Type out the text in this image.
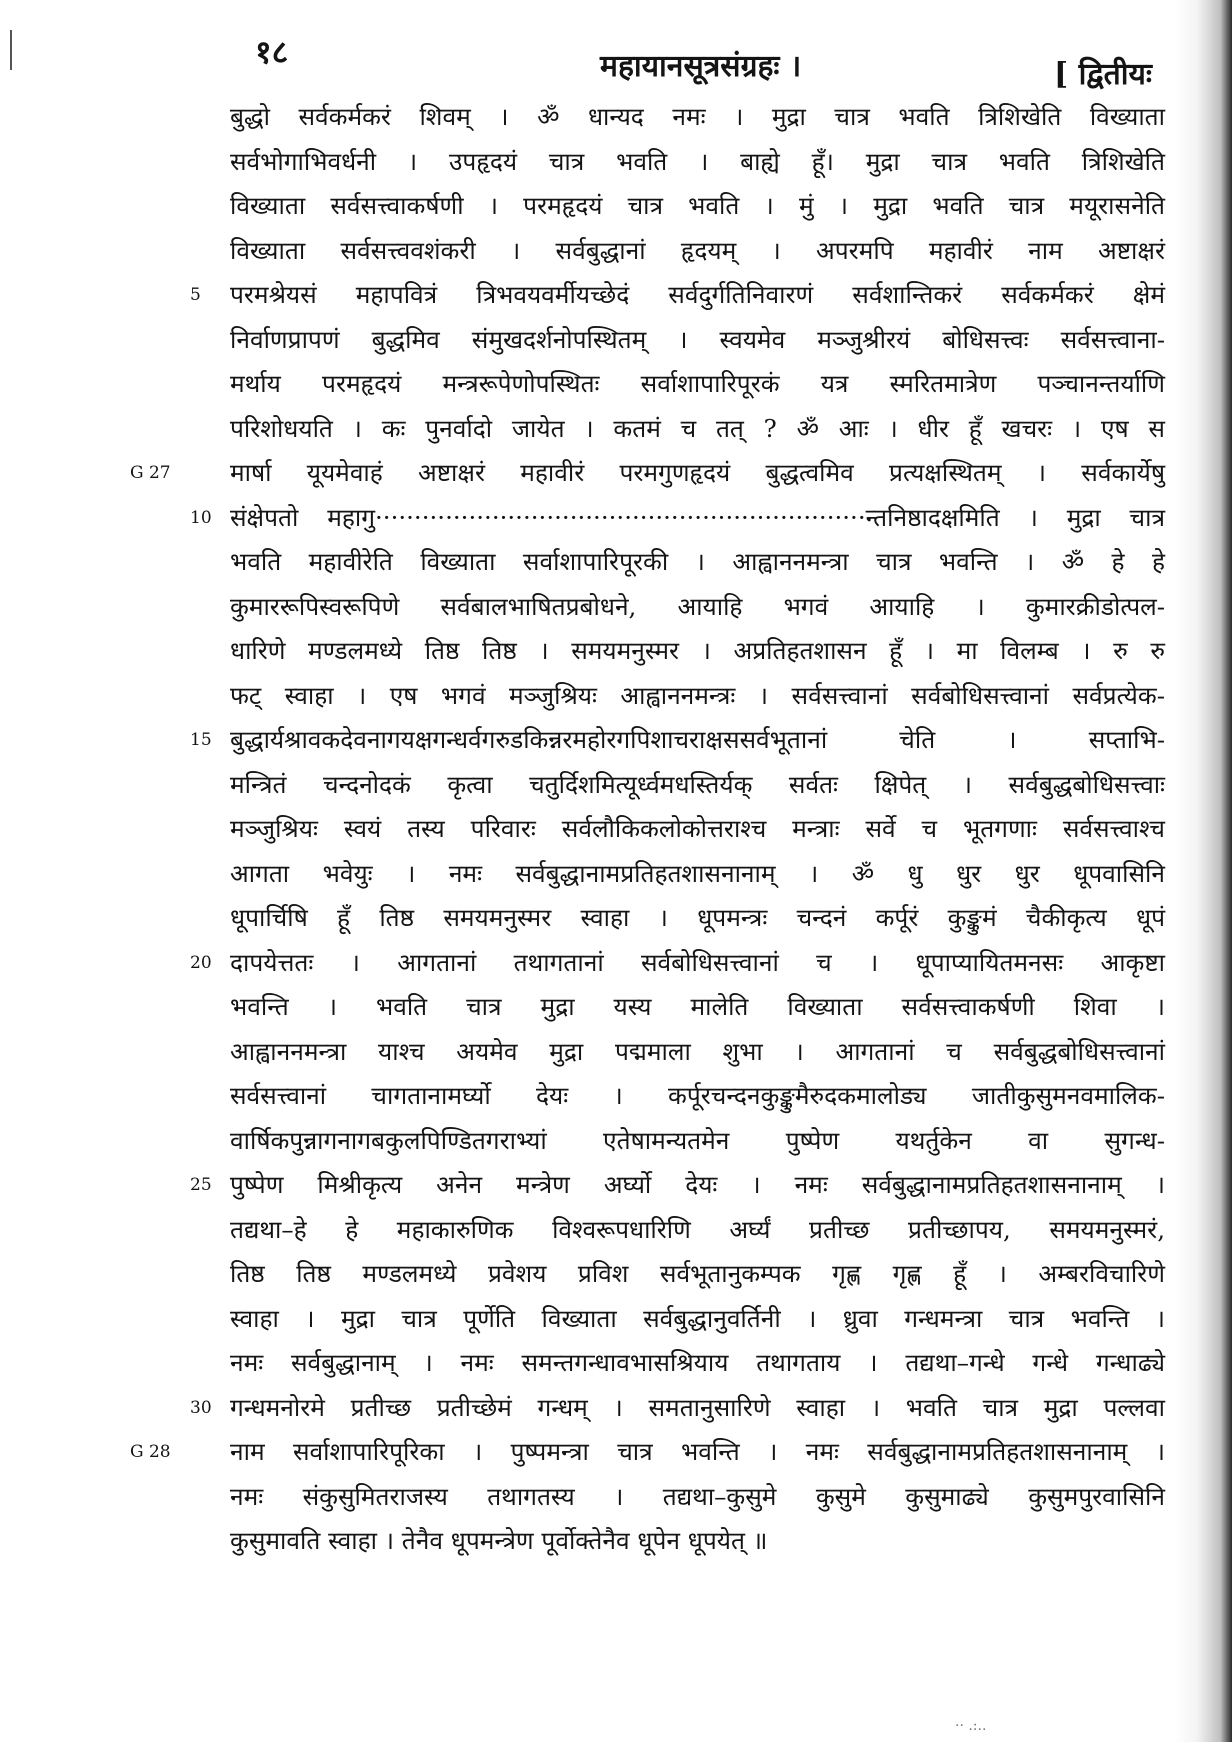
१८	महायानसूत्रसंग्रहः ।	[ द्वितीयः
बुद्धो सर्वकर्मकरं शिवम् । ॐ धान्यद नमः । मुद्रा चात्र भवति त्रिशिखेति विख्याता
सर्वभोगाभिवर्धनी । उपहृदयं चात्र भवति । बाह्ये हूँ। मुद्रा चात्र भवति त्रिशिखेति
विख्याता सर्वसत्त्वाकर्षणी । परमहृदयं चात्र भवति । मुं । मुद्रा भवति चात्र मयूरासनेति
विख्याता सर्वसत्त्ववशंकरी । सर्वबुद्धानां हृदयम् । अपरमपि महावीरं नाम अष्टाक्षरं
5	परमश्रेयसं महापवित्रं त्रिभवयवर्मीयच्छेदं सर्वदुर्गतिनिवारणं सर्वशान्तिकरं सर्वकर्मकरं क्षेमं
निर्वाणप्रापणं बुद्धमिव संमुखदर्शनोपस्थितम् । स्वयमेव मञ्जुश्रीरयं बोधिसत्त्वः सर्वसत्त्वाना-
मर्थाय परमहृदयं मन्त्ररूपेणोपस्थितः सर्वाशापारिपूरकं यत्र स्मरितमात्रेण पञ्चानन्तर्याणि
परिशोधयति । कः पुनर्वादो जायेत । कतमं च तत् ? ॐ आः । धीर हूँ खचरः । एष स
G 27 मार्षा यूयमेवाहं अष्टाक्षरं महावीरं परमगुणहृदयं बुद्धत्वमिव प्रत्यक्षस्थितम् । सर्वकार्येषु
10 संक्षेपतो महागु·······························································न्तनिष्ठादक्षमिति । मुद्रा चात्र
भवति महावीरेति विख्याता सर्वाशापारिपूरकी । आह्वाननमन्त्रा चात्र भवन्ति । ॐ हे हे
कुमाररूपिस्वरूपिणे सर्वबालभाषितप्रबोधने, आयाहि भगवं आयाहि । कुमारक्रीडोत्पल-
धारिणे मण्डलमध्ये तिष्ठ तिष्ठ । समयमनुस्मर । अप्रतिहतशासन हूँ । मा विलम्ब । रु रु
फट् स्वाहा । एष भगवं मञ्जुश्रियः आह्वाननमन्त्रः । सर्वसत्त्वानां सर्वबोधिसत्त्वानां सर्वप्रत्येक-
15 बुद्धार्यश्रावकदेवनागयक्षगन्धर्वगरुडकिन्नरमहोरगपिशाचराक्षससर्वभूतानां चेति । सप्ताभि-
मन्त्रितं चन्दनोदकं कृत्वा चतुर्दिशमित्यूर्ध्वमधस्तिर्यक् सर्वतः क्षिपेत् । सर्वबुद्धबोधिसत्त्वाः
मञ्जुश्रियः स्वयं तस्य परिवारः सर्वलौकिकलोकोत्तराश्च मन्त्राः सर्वे च भूतगणाः सर्वसत्त्वाश्च
आगता भवेयुः । नमः सर्वबुद्धानामप्रतिहतशासनानाम् । ॐ धु धुर धुर धूपवासिनि
धूपार्चिषि हूँ तिष्ठ समयमनुस्मर स्वाहा । धूपमन्त्रः चन्दनं कर्पूरं कुङ्कुमं चैकीकृत्य धूपं
20 दापयेत्ततः । आगतानां तथागतानां सर्वबोधिसत्त्वानां च । धूपाप्यायितमनसः आकृष्टा
भवन्ति । भवति चात्र मुद्रा यस्य मालेति विख्याता सर्वसत्त्वाकर्षणी शिवा ।
आह्वाननमन्त्रा याश्च अयमेव मुद्रा पद्ममाला शुभा । आगतानां च सर्वबुद्धबोधिसत्त्वानां
सर्वसत्त्वानां चागतानामर्घ्यो देयः । कर्पूरचन्दनकुङ्कुमैरुदकमालोड्य जातीकुसुमनवमालिक-
वार्षिकपुन्नागनागबकुलपिण्डितगराभ्यां एतेषामन्यतमेन पुष्पेण यथर्तुकेन वा सुगन्ध-
25 पुष्पेण मिश्रीकृत्य अनेन मन्त्रेण अर्घ्यो देयः । नमः सर्वबुद्धानामप्रतिहतशासनानाम् ।
तद्यथा–हे हे महाकारुणिक विश्वरूपधारिणि अर्घ्यं प्रतीच्छ प्रतीच्छापय, समयमनुस्मरं,
तिष्ठ तिष्ठ मण्डलमध्ये प्रवेशय प्रविश सर्वभूतानुकम्पक गृह्ण गृह्ण हूँ । अम्बरविचारिणे
स्वाहा । मुद्रा चात्र पूर्णेति विख्याता सर्वबुद्धानुवर्तिनी । ध्रुवा गन्धमन्त्रा चात्र भवन्ति ।
नमः सर्वबुद्धानाम् । नमः समन्तगन्धावभासश्रियाय तथागताय । तद्यथा–गन्धे गन्धे गन्धाढ्ये
30 गन्धमनोरमे प्रतीच्छ प्रतीच्छेमं गन्धम् । समतानुसारिणे स्वाहा । भवति चात्र मुद्रा पल्लवा
G 28 नाम सर्वाशापारिपूरिका । पुष्पमन्त्रा चात्र भवन्ति । नमः सर्वबुद्धानामप्रतिहतशासनानाम् ।
नमः संकुसुमितराजस्य तथागतस्य । तद्यथा–कुसुमे कुसुमे कुसुमाढ्ये कुसुमपुरवासिनि
कुसुमावति स्वाहा । तेनैव धूपमन्त्रेण पूर्वोक्तेनैव धूपेन धूपयेत् ॥
·· .:..
